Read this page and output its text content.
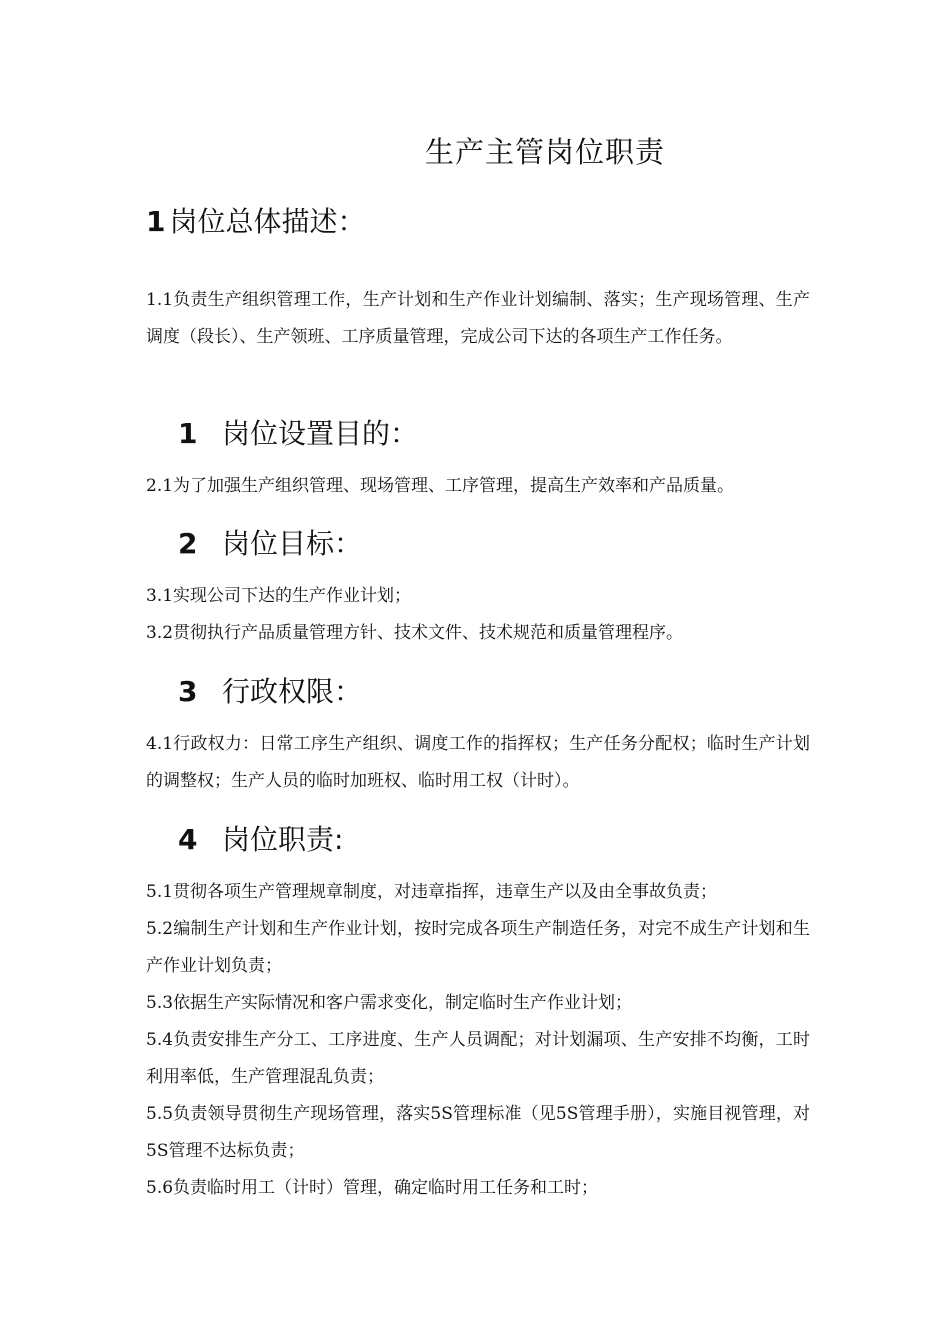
生产主管岗位职责
1 岗位总体描述：

1.1负责生产组织管理工作，生产计划和生产作业计划编制、落实；生产现场管理、生产调度（段长）、生产领班、工序质量管理，完成公司下达的各项生产工作任务。

1 岗位设置目的：

2.1为了加强生产组织管理、现场管理、工序管理，提高生产效率和产品质量。

2 岗位目标：

3.1实现公司下达的生产作业计划；

3.2贯彻执行产品质量管理方针、技术文件、技术规范和质量管理程序。

3 行政权限：

4.1行政权力：日常工序生产组织、调度工作的指挥权；生产任务分配权；临时生产计划的调整权；生产人员的临时加班权、临时用工权（计时）。

4 岗位职责:

5.1贯彻各项生产管理规章制度，对违章指挥，违章生产以及由全事故负责；

5.2编制生产计划和生产作业计划，按时完成各项生产制造任务，对完不成生产计划和生产作业计划负责；

5.3依据生产实际情况和客户需求变化，制定临时生产作业计划；

5.4负责安排生产分工、工序进度、生产人员调配；对计划漏项、生产安排不均衡，工时利用率低，生产管理混乱负责；

5.5负责领导贯彻生产现场管理，落实5S管理标准（见5S管理手册），实施目视管理，对5S管理不达标负责；

5.6负责临时用工（计时）管理，确定临时用工任务和工时；
